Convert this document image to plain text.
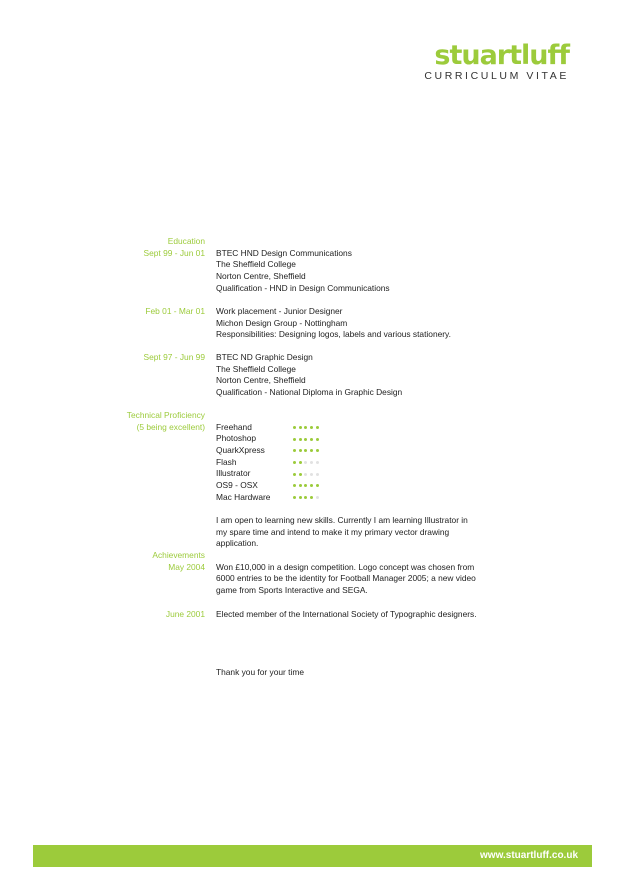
stuartluff
CURRICULUM VITAE
Education
Sept 99 - Jun 01 BTEC HND Design Communications
The Sheffield College
Norton Centre, Sheffield
Qualification - HND in Design Communications
Feb 01 - Mar 01 Work placement - Junior Designer
Michon Design Group - Nottingham
Responsibilities: Designing logos, labels and various stationery.
Sept 97 - Jun 99 BTEC ND Graphic Design
The Sheffield College
Norton Centre, Sheffield
Qualification - National Diploma in Graphic Design
Technical Proficiency
(5 being excellent) Freehand
Photoshop
QuarkXpress
Flash
Illustrator
OS9 - OSX
Mac Hardware
I am open to learning new skills. Currently I am learning Illustrator in my spare time and intend to make it my primary vector drawing application.
Achievements
May 2004 Won £10,000 in a design competition. Logo concept was chosen from 6000 entries to be the identity for Football Manager 2005; a new video game from Sports Interactive and SEGA.
June 2001 Elected member of the International Society of Typographic designers.
Thank you for your time
www.stuartluff.co.uk
